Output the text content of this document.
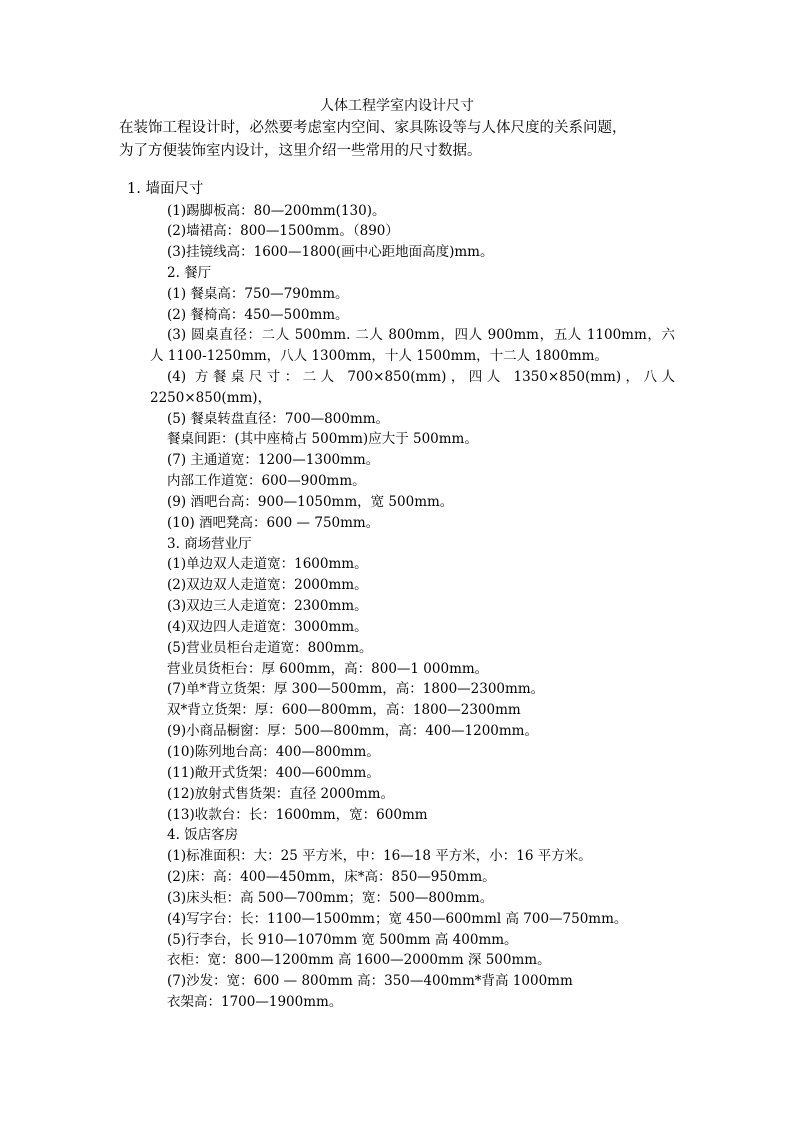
人体工程学室内设计尺寸
在装饰工程设计时，必然要考虑室内空间、家具陈设等与人体尺度的关系问题，
为了方便装饰室内设计，这里介绍一些常用的尺寸数据。
1. 墙面尺寸
(1)踢脚板高：80—200mm(130)。
(2)墙裙高：800—1500mm。（890）
(3)挂镜线高：1600—1800(画中心距地面高度)mm。
2. 餐厅
(1) 餐桌高：750—790mm。
(2) 餐椅高：450—500mm。
(3) 圆桌直径：二人 500mm. 二人 800mm，四人 900mm，五人 1100mm，六
人 1100-1250mm，八人 1300mm，十人 1500mm，十二人 1800mm。
(4) 方餐桌尺寸：二人 700×850(mm)，四人 1350×850(mm)，八人
2250×850(mm)，
(5) 餐桌转盘直径：700—800mm。
餐桌间距：(其中座椅占 500mm)应大于 500mm。
(7) 主通道宽：1200—1300mm。
内部工作道宽：600—900mm。
(9) 酒吧台高：900—1050mm，宽 500mm。
(10) 酒吧凳高：600 — 750mm。
3. 商场营业厅
(1)单边双人走道宽：1600mm。
(2)双边双人走道宽：2000mm。
(3)双边三人走道宽：2300mm。
(4)双边四人走道宽：3000mm。
(5)营业员柜台走道宽：800mm。
营业员货柜台：厚 600mm，高：800—1 000mm。
(7)单*背立货架：厚 300—500mm，高：1800—2300mm。
双*背立货架：厚：600—800mm，高：1800—2300mm
(9)小商品橱窗：厚：500—800mm，高：400—1200mm。
(10)陈列地台高：400—800mm。
(11)敞开式货架：400—600mm。
(12)放射式售货架：直径 2000mm。
(13)收款台：长：1600mm，宽：600mm
4. 饭店客房
(1)标准面积：大：25 平方米，中：16—18 平方米，小：16 平方米。
(2)床：高：400—450mm，床*高：850—950mm。
(3)床头柜：高 500—700mm；宽：500—800mm。
(4)写字台：长：1100—1500mm；宽 450—600mml 高 700—750mm。
(5)行李台，长 910—1070mm 宽 500mm 高 400mm。
衣柜：宽：800—1200mm 高 1600—2000mm 深 500mm。
(7)沙发：宽：600 — 800mm 高：350—400mm*背高 1000mm
衣架高：1700—1900mm。
